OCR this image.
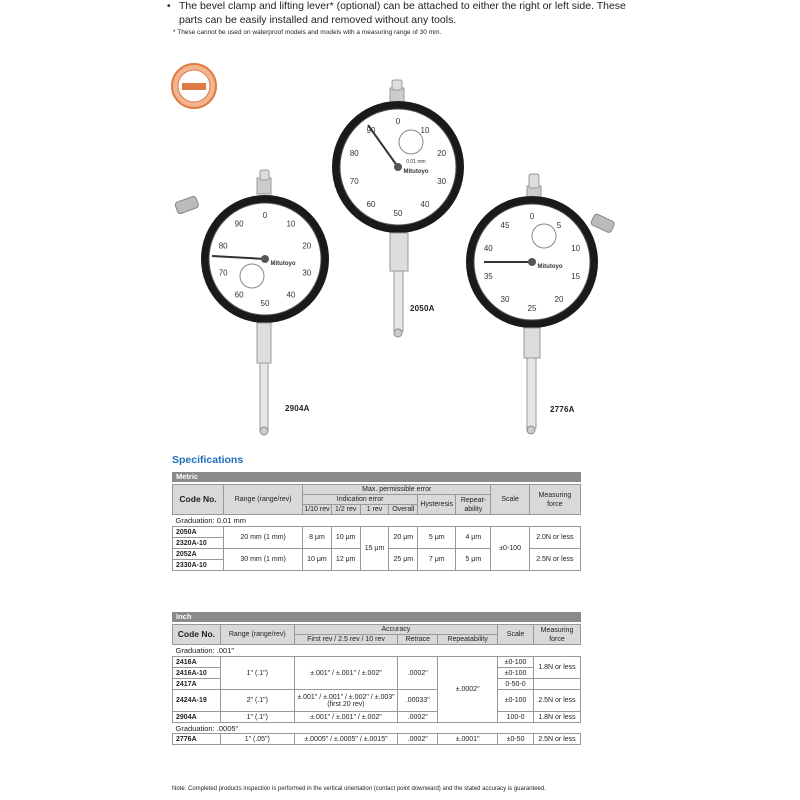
• The bevel clamp and lifting lever* (optional) can be attached to either the right or left side. These parts can be easily installed and removed without any tools.

* These cannot be used on waterproof models and models with a measuring range of 30 mm.
0
10
20
30
40
50
60
70
80
90
Mitutoyo
0
10
20
30
40
50
60
70
80
90
Mitutoyo
0.01 mm
0
5
10
15
20
25
30
35
40
45
Mitutoyo
2904A
2050A
2776A
Specifications
Metric
Code No.	Range (range/rev)	Max. permissible error						Scale	Measuring force
		Indication error				Hysteresis	Repeat-ability		
		1/10 rev	1/2 rev	1 rev	Overall				
Graduation: 0.01 mm									
2050A	20 mm (1 mm)	8 μm	10 μm	15 μm	20 μm	5 μm	4 μm	±0-100	2.0N or less
2320A-10									
2052A	30 mm (1 mm)	10 μm	12 μm		25 μm	7 μm	5 μm		2.5N or less
2330A-10									
Inch
Code No.	Range (range/rev)	Accuracy			Scale	Measuring force
		First rev / 2.5 rev / 10 rev	Retrace	Repeatability		
Graduation: .001"						
2416A	1" (.1")	±.001" / ±.001" / ±.002"	.0002"	±.0002"	±0-100	1.8N or less
2416A-10					±0-100	
2417A					0-50-0	
2424A-19	2" (.1")	±.001" / ±.001" / ±.002" / ±.003" (first 20 rev)	.00033"		±0-100	2.5N or less
2904A	1" (.1")	±.001" / ±.001" / ±.002"	.0002"		100-0	1.8N or less
Graduation: .0005"						
2776A	1" (.05")	±.0005" / ±.0005" / ±.0015"	.0002"	±.0001"	±0-50	2.5N or less
Note: Completed products inspection is performed in the vertical orientation (contact point downward) and the stated accuracy is guaranteed.
